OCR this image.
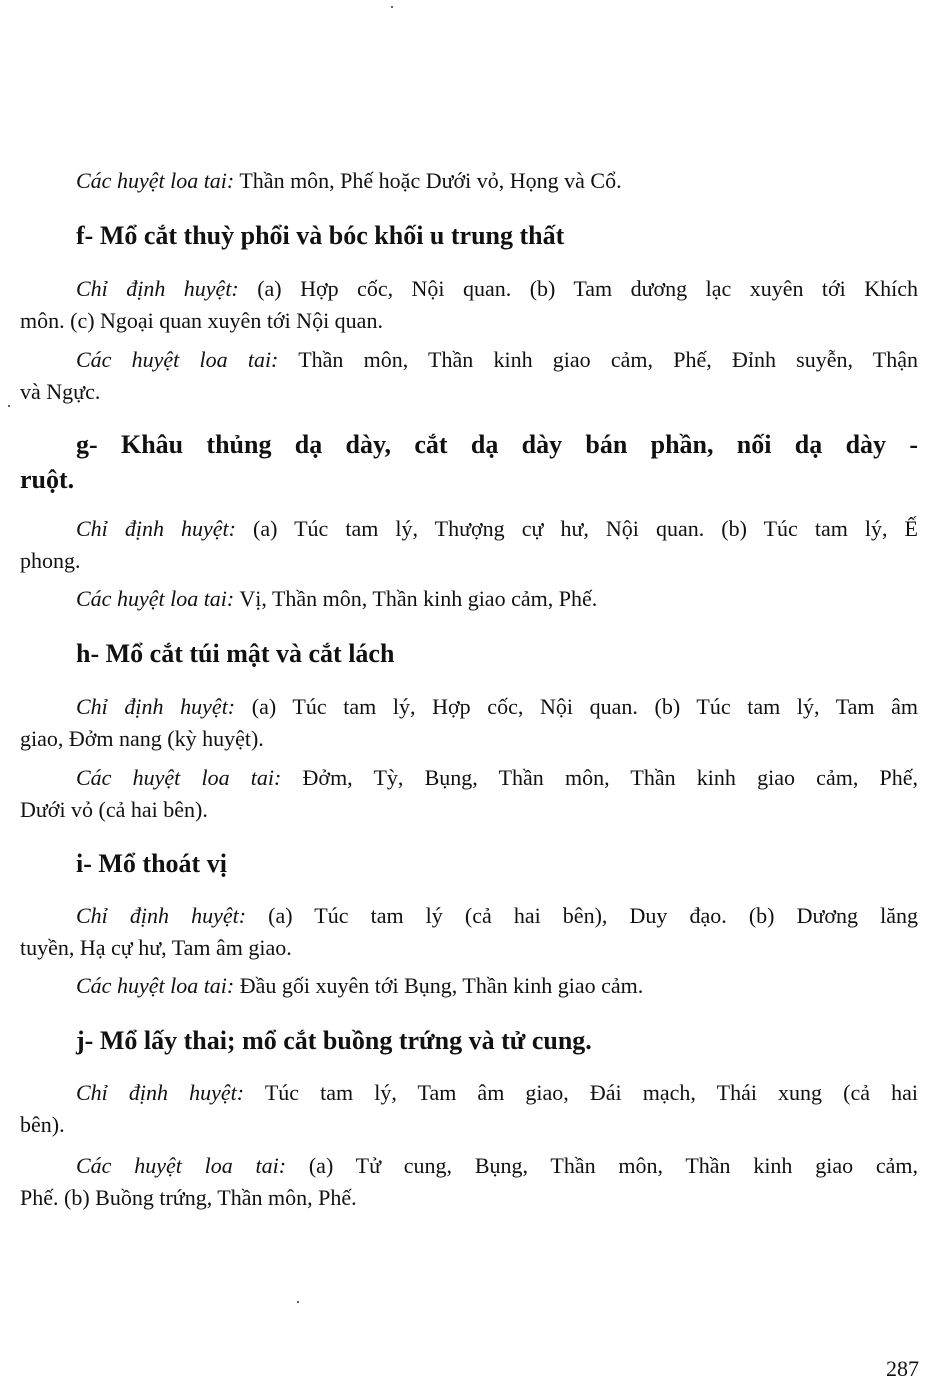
Các huyệt loa tai: Thần môn, Phế hoặc Dưới vỏ, Họng và Cổ.
f- Mổ cắt thuỳ phổi và bóc khối u trung thất
Chỉ định huyệt: (a) Hợp cốc, Nội quan. (b) Tam dương lạc xuyên tới Khích
môn. (c) Ngoại quan xuyên tới Nội quan.
Các huyệt loa tai: Thần môn, Thần kinh giao cảm, Phế, Đỉnh suyễn, Thận
và Ngực.
g- Khâu thủng dạ dày, cắt dạ dày bán phần, nối dạ dày -
ruột.
Chỉ định huyệt: (a) Túc tam lý, Thượng cự hư, Nội quan. (b) Túc tam lý, Ế
phong.
Các huyệt loa tai: Vị, Thần môn, Thần kinh giao cảm, Phế.
h- Mổ cắt túi mật và cắt lách
Chỉ định huyệt: (a) Túc tam lý, Hợp cốc, Nội quan. (b) Túc tam lý, Tam âm
giao, Đởm nang (kỳ huyệt).
Các huyệt loa tai: Đởm, Tỳ, Bụng, Thần môn, Thần kinh giao cảm, Phế,
Dưới vỏ (cả hai bên).
i- Mổ thoát vị
Chỉ định huyệt: (a) Túc tam lý (cả hai bên), Duy đạo. (b) Dương lăng
tuyền, Hạ cự hư, Tam âm giao.
Các huyệt loa tai: Đầu gối xuyên tới Bụng, Thần kinh giao cảm.
j- Mổ lấy thai; mổ cắt buồng trứng và tử cung.
Chỉ định huyệt: Túc tam lý, Tam âm giao, Đái mạch, Thái xung (cả hai
bên).
Các huyệt loa tai: (a) Tử cung, Bụng, Thần môn, Thần kinh giao cảm,
Phế. (b) Buồng trứng, Thần môn, Phế.
287
